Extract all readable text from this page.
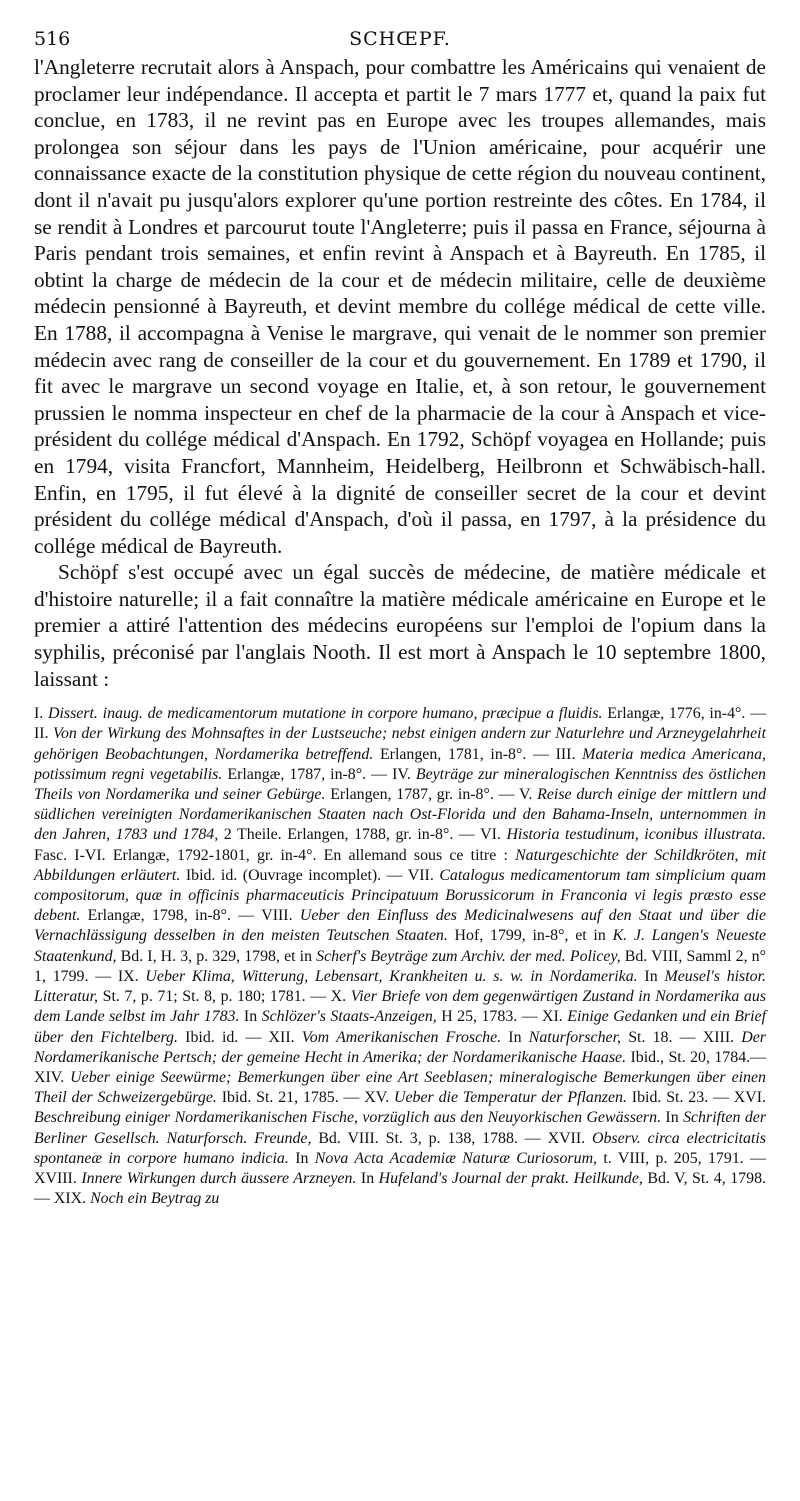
516	SCHŒPF.

l'Angleterre recrutait alors à Anspach, pour combattre les Américains qui venaient de proclamer leur indépendance. Il accepta et partit le 7 mars 1777 et, quand la paix fut conclue, en 1783, il ne revint pas en Europe avec les troupes allemandes, mais prolongea son séjour dans les pays de l'Union américaine, pour acquérir une connaissance exacte de la constitution physique de cette région du nouveau continent, dont il n'avait pu jusqu'alors explorer qu'une portion restreinte des côtes. En 1784, il se rendit à Londres et parcourut toute l'Angleterre; puis il passa en France, séjourna à Paris pendant trois semaines, et enfin revint à Anspach et à Bayreuth. En 1785, il obtint la charge de médecin de la cour et de médecin militaire, celle de deuxième médecin pensionné à Bayreuth, et devint membre du collége médical de cette ville. En 1788, il accompagna à Venise le margrave, qui venait de le nommer son premier médecin avec rang de conseiller de la cour et du gouvernement. En 1789 et 1790, il fit avec le margrave un second voyage en Italie, et, à son retour, le gouvernement prussien le nomma inspecteur en chef de la pharmacie de la cour à Anspach et vice-président du collége médical d'Anspach. En 1792, Schöpf voyagea en Hollande; puis en 1794, visita Francfort, Mannheim, Heidelberg, Heilbronn et Schwäbisch-hall. Enfin, en 1795, il fut élevé à la dignité de conseiller secret de la cour et devint président du collége médical d'Anspach, d'où il passa, en 1797, à la présidence du collége médical de Bayreuth.

Schöpf s'est occupé avec un égal succès de médecine, de matière médicale et d'histoire naturelle; il a fait connaître la matière médicale américaine en Europe et le premier a attiré l'attention des médecins européens sur l'emploi de l'opium dans la syphilis, préconisé par l'anglais Nooth. Il est mort à Anspach le 10 septembre 1800, laissant :

I. Dissert. inaug. de medicamentorum mutatione in corpore humano, præcipue a fluidis. Erlangæ, 1776, in-4°. — II. Von der Wirkung des Mohnsaftes in der Lustseuche; nebst einigen andern zur Naturlehre und Arzneygelahrheit gehörigen Beobachtungen, Nordamerika betreffend. Erlangen, 1781, in-8°. — III. Materia medica Americana, potissimum regni vegetabilis. Erlangæ, 1787, in-8°. — IV. Beyträge zur mineralogischen Kenntniss des östlichen Theils von Nordamerika und seiner Gebürge. Erlangen, 1787, gr. in-8°. — V. Reise durch einige der mittlern und südlichen vereinigten Nordamerikanischen Staaten nach Ost-Florida und den Bahama-Inseln, unternommen in den Jahren, 1783 und 1784, 2 Theile. Erlangen, 1788, gr. in-8°. — VI. Historia testudinum, iconibus illustrata. Fasc. I-VI. Erlangæ, 1792-1801, gr. in-4°. En allemand sous ce titre : Naturgeschichte der Schildkröten, mit Abbildungen erläutert. Ibid. id. (Ouvrage incomplet). — VII. Catalogus medicamentorum tam simplicium quam compositorum, quæ in officinis pharmaceuticis Principatuum Borussicorum in Franconia vi legis præsto esse debent. Erlangæ, 1798, in-8°. — VIII. Ueber den Einfluss des Medicinalwesens auf den Staat und über die Vernachlässigung desselben in den meisten Teutschen Staaten. Hof, 1799, in-8°, et in K. J. Langen's Neueste Staatenkund, Bd. I, H. 3, p. 329, 1798, et in Scherf's Beyträge zum Archiv. der med. Policey, Bd. VIII, Samml 2, n° 1, 1799. — IX. Ueber Klima, Witterung, Lebensart, Krankheiten u. s. w. in Nordamerika. In Meusel's histor. Litteratur, St. 7, p. 71; St. 8, p. 180; 1781. — X. Vier Briefe von dem gegenwärtigen Zustand in Nordamerika aus dem Lande selbst im Jahr 1783. In Schlözer's Staats-Anzeigen, H 25, 1783. — XI. Einige Gedanken und ein Brief über den Fichtelberg. Ibid. id. — XII. Vom Amerikanischen Frosche. In Naturforscher, St. 18. — XIII. Der Nordamerikanische Pertsch; der gemeine Hecht in Amerika; der Nordamerikanische Haase. Ibid., St. 20, 1784.—XIV. Ueber einige Seewürme; Bemerkungen über eine Art Seeblasen; mineralogische Bemerkungen über einen Theil der Schweizergebürge. Ibid. St. 21, 1785. — XV. Ueber die Temperatur der Pflanzen. Ibid. St. 23. — XVI. Beschreibung einiger Nordamerikanischen Fische, vorzüglich aus den Neuyorkischen Gewässern. In Schriften der Berliner Gesellsch. Naturforsch. Freunde, Bd. VIII. St. 3, p. 138, 1788. — XVII. Observ. circa electricitatis spontaneæ in corpore humano indicia. In Nova Acta Academiæ Naturæ Curiosorum, t. VIII, p. 205, 1791. — XVIII. Innere Wirkungen durch äussere Arzneyen. In Hufeland's Journal der prakt. Heilkunde, Bd. V, St. 4, 1798.— XIX. Noch ein Beytrag zu
